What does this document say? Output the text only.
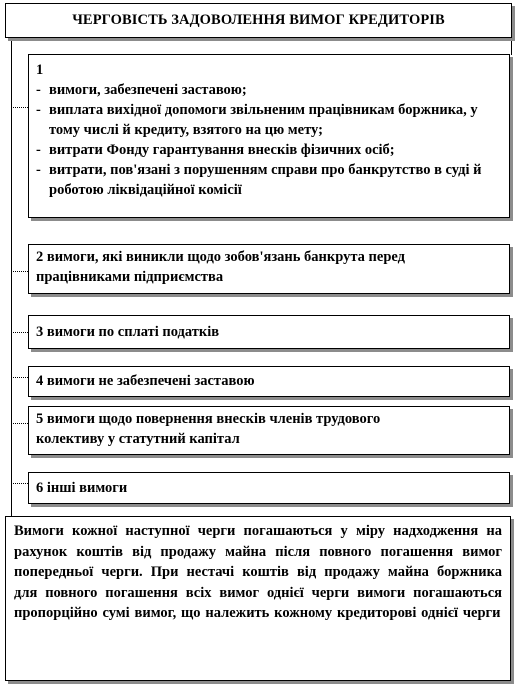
ЧЕРГОВІСТЬ ЗАДОВОЛЕННЯ ВИМОГ КРЕДИТОРІВ
1
- вимоги, забезпечені заставою;
- виплата вихідної допомоги звільненим працівникам боржника, у тому числі й кредиту, взятого на цю мету;
- витрати Фонду гарантування внесків фізичних осіб;
- витрати, пов'язані з порушенням справи про банкрутство в суді й роботою ліквідаційної комісії
2 вимоги, які виникли щодо зобов'язань банкрута перед
працівниками підприємства
3 вимоги по сплаті податків
4 вимоги не забезпечені заставою
5 вимоги щодо повернення внесків членів трудового
колективу у статутний капітал
6 інші вимоги
Вимоги кожної наступної черги погашаються у міру надходження на рахунок коштів від продажу майна після повного погашення вимог попередньої черги. При нестачі коштів від продажу майна боржника для повного погашення всіх вимог однієї черги вимоги погашаються пропорційно сумі вимог, що належить кожному кредиторові однієї черги
